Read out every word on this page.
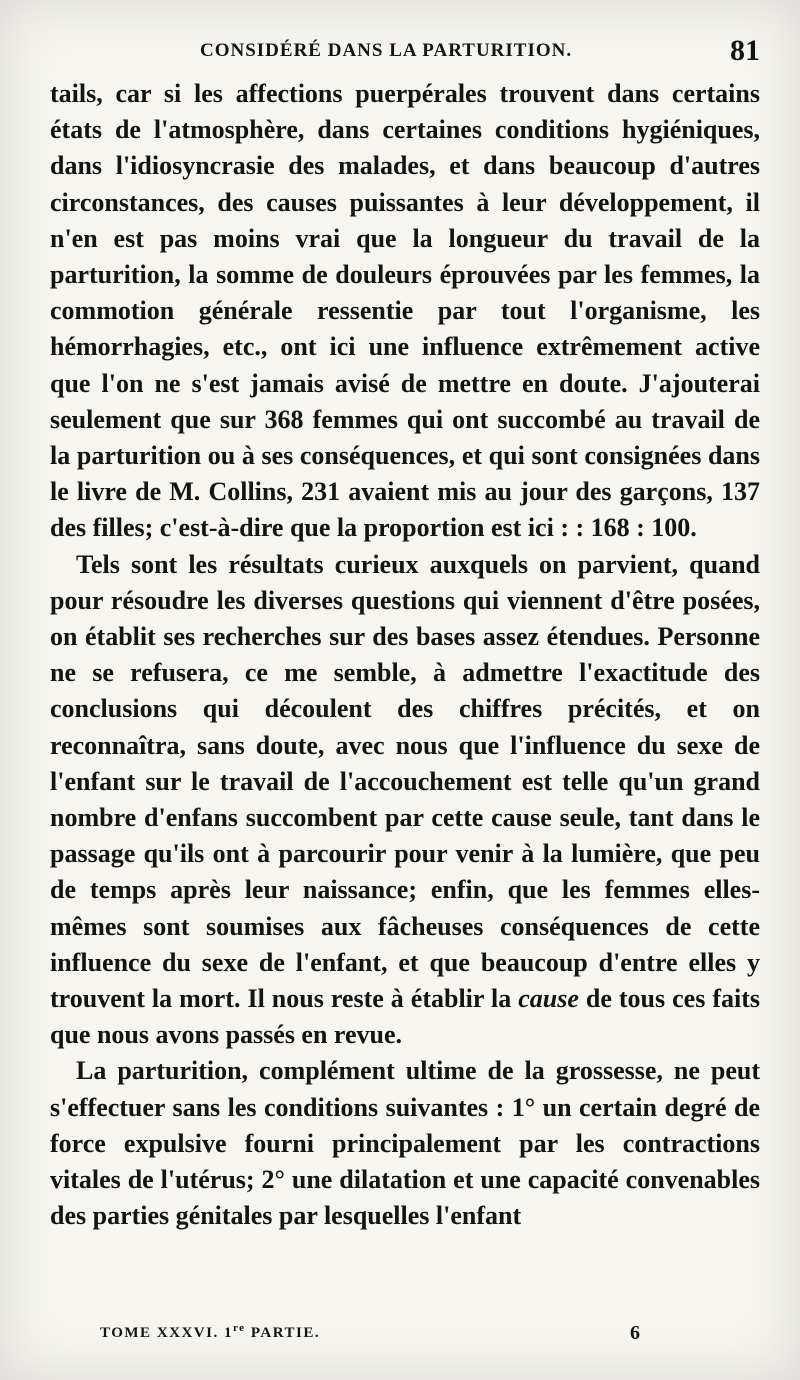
CONSIDÉRÉ DANS LA PARTURITION.	81

tails, car si les affections puerpérales trouvent dans certains états de l'atmosphère, dans certaines conditions hygiéniques, dans l'idiosyncrasie des malades, et dans beaucoup d'autres circonstances, des causes puissantes à leur développement, il n'en est pas moins vrai que la longueur du travail de la parturition, la somme de douleurs éprouvées par les femmes, la commotion générale ressentie par tout l'organisme, les hémorrhagies, etc., ont ici une influence extrêmement active que l'on ne s'est jamais avisé de mettre en doute. J'ajouterai seulement que sur 368 femmes qui ont succombé au travail de la parturition ou à ses conséquences, et qui sont consignées dans le livre de M. Collins, 231 avaient mis au jour des garçons, 137 des filles; c'est-à-dire que la proportion est ici : : 168 : 100.

Tels sont les résultats curieux auxquels on parvient, quand pour résoudre les diverses questions qui viennent d'être posées, on établit ses recherches sur des bases assez étendues. Personne ne se refusera, ce me semble, à admettre l'exactitude des conclusions qui découlent des chiffres précités, et on reconnaîtra, sans doute, avec nous que l'influence du sexe de l'enfant sur le travail de l'accouchement est telle qu'un grand nombre d'enfans succombent par cette cause seule, tant dans le passage qu'ils ont à parcourir pour venir à la lumière, que peu de temps après leur naissance; enfin, que les femmes elles-mêmes sont soumises aux fâcheuses conséquences de cette influence du sexe de l'enfant, et que beaucoup d'entre elles y trouvent la mort. Il nous reste à établir la cause de tous ces faits que nous avons passés en revue.

La parturition, complément ultime de la grossesse, ne peut s'effectuer sans les conditions suivantes : 1° un certain degré de force expulsive fourni principalement par les contractions vitales de l'utérus; 2° une dilatation et une capacité convenables des parties génitales par lesquelles l'enfant

TOME XXXVI. 1re PARTIE.	6
